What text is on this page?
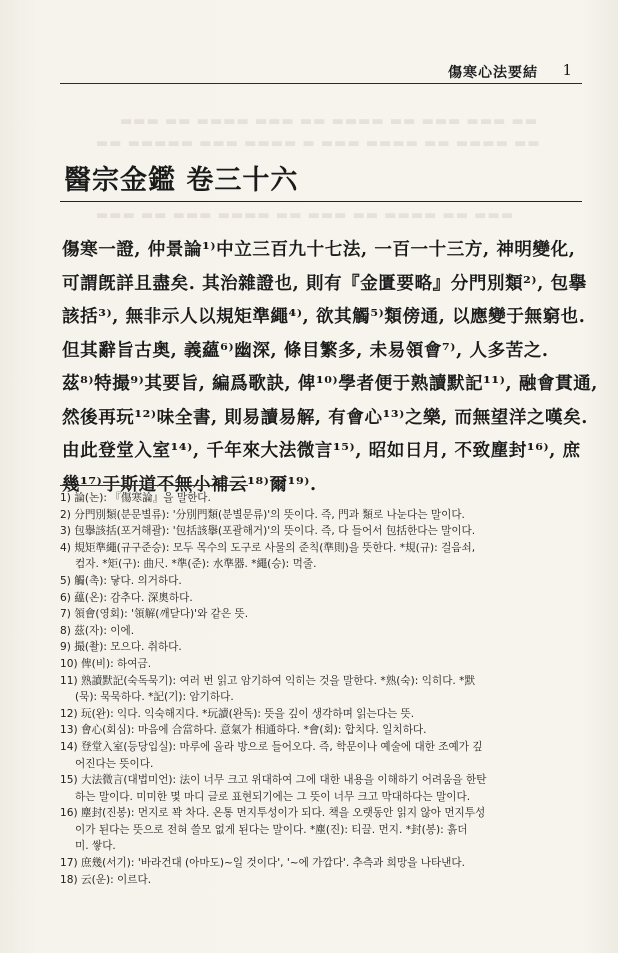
▬▬▬ ▬▬ ▬▬▬▬ ▬▬▬ ▬▬ ▬▬▬▬ ▬▬ ▬▬▬ ▬▬▬ ▬▬
▬▬ ▬▬▬▬▬ ▬▬▬ ▬▬▬▬ ▬ ▬▬▬ ▬▬▬▬ ▬▬ ▬▬▬▬ ▬▬
▬▬▬ ▬▬ ▬▬▬ ▬▬▬▬ ▬▬ ▬▬▬ ▬▬ ▬▬▬▬ ▬▬ ▬▬▬
傷寒心法要結 1
醫宗金鑑 卷三十六
傷寒一證, 仲景論¹⁾中立三百九十七法, 一百一十三方, 神明變化,
可謂旣詳且盡矣. 其治雜證也, 則有『金匱要略』分門別類²⁾, 包擧
該括³⁾, 無非示人以規矩準繩⁴⁾, 欲其觸⁵⁾類傍通, 以應變于無窮也.
但其辭旨古奥, 義蘊⁶⁾幽深, 條目繁多, 未易領會⁷⁾, 人多苦之.
茲⁸⁾特撮⁹⁾其要旨, 編爲歌訣, 俾¹⁰⁾學者便于熟讀默記¹¹⁾, 融會貫通,
然後再玩¹²⁾味全書, 則易讀易解, 有會心¹³⁾之樂, 而無望洋之嘆矣.
由此登堂入室¹⁴⁾, 千年來大法微言¹⁵⁾, 昭如日月, 不致塵封¹⁶⁾, 庶
幾¹⁷⁾于斯道不無小補云¹⁸⁾爾¹⁹⁾.
1) 論(논): 『傷寒論』을 말한다.
2) 分門別類(분문별류): '分別門類(분별문류)'의 뜻이다. 즉, 門과 類로 나눈다는 말이다.
3) 包擧該括(포거해괄): '包括該擧(포괄해거)'의 뜻이다. 즉, 다 들어서 包括한다는 말이다.
4) 規矩準繩(규구준승): 모두 목수의 도구로 사물의 준칙(準則)을 뜻한다. *規(규): 걸음쇠,
컴자. *矩(구): 曲尺. *準(준): 水準器. *繩(승): 먹줄.
5) 觸(촉): 닿다. 의거하다.
6) 蘊(온): 감추다. 深奧하다.
7) 領會(영회): '領解(깨닫다)'와 같은 뜻.
8) 茲(자): 이에.
9) 撮(촬): 모으다. 취하다.
10) 俾(비): 하여금.
11) 熟讀默記(숙독묵기): 여러 번 읽고 암기하여 익히는 것을 말한다. *熟(숙): 익히다. *默
(묵): 묵묵하다. *記(기): 암기하다.
12) 玩(완): 익다. 익숙해지다. *玩讀(완독): 뜻을 깊이 생각하며 읽는다는 뜻.
13) 會心(회심): 마음에 合當하다. 意氣가 相通하다. *會(회): 합치다. 일치하다.
14) 登堂入室(등당입실): 마루에 올라 방으로 들어오다. 즉, 학문이나 예술에 대한 조예가 깊
어진다는 뜻이다.
15) 大法微言(대법미언): 法이 너무 크고 위대하여 그에 대한 내용을 이해하기 어려움을 한탄
하는 말이다. 미미한 몇 마디 글로 표현되기에는 그 뜻이 너무 크고 막대하다는 말이다.
16) 塵封(진봉): 먼지로 꽉 차다. 온통 먼지투성이가 되다. 책을 오랫동안 읽지 않아 먼지투성
이가 된다는 뜻으로 전혀 쓸모 없게 된다는 말이다. *塵(진): 티끌. 먼지. *封(봉): 흙더
미. 쌓다.
17) 庶幾(서기): '바라건대 (아마도)~일 것이다', '~에 가깝다'. 추측과 희망을 나타낸다.
18) 云(운): 이르다.
